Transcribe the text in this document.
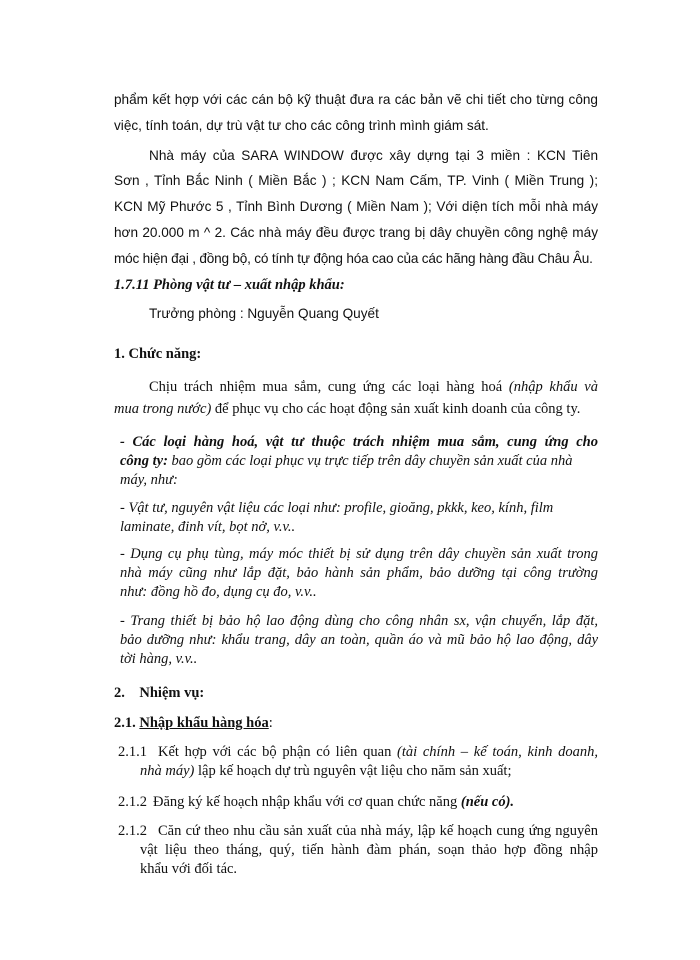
phẩm kết hợp với các cán bộ kỹ thuật đưa ra các bản vẽ chi tiết cho từng công
việc, tính toán, dự trù vật tư cho các công trình mình giám sát.
Nhà máy của SARA WINDOW được xây dựng tại 3 miền : KCN Tiên
Sơn , Tỉnh Bắc Ninh ( Miền Bắc ) ; KCN Nam Cấm, TP. Vinh ( Miền Trung );
KCN Mỹ Phước 5 , Tỉnh Bình Dương ( Miền Nam ); Với diện tích mỗi nhà máy
hơn 20.000 m ^ 2. Các nhà máy đều được trang bị dây chuyền công nghệ máy
móc hiện đại , đồng bộ, có tính tự động hóa cao của các hãng hàng đầu Châu Âu.
1.7.11 Phòng vật tư – xuất nhập khẩu:
Trưởng phòng : Nguyễn Quang Quyết
1. Chức năng:
Chịu trách nhiệm mua sắm, cung ứng các loại hàng hoá (nhập khẩu và
mua trong nước) để phục vụ cho các hoạt động sản xuất kinh doanh của công ty.
- Các loại hàng hoá, vật tư thuộc trách nhiệm mua sắm, cung ứng cho
công ty: bao gồm các loại phục vụ trực tiếp trên dây chuyền sản xuất của nhà
máy, như:
- Vật tư, nguyên vật liệu các loại như: profile, gioăng, pkkk, keo, kính, film
laminate, đinh vít, bọt nở, v.v..
- Dụng cụ phụ tùng, máy móc thiết bị sử dụng trên dây chuyền sản xuất trong
nhà máy cũng như lắp đặt, bảo hành sản phẩm, bảo dưỡng tại công trường
như: đồng hồ đo, dụng cụ đo, v.v..
- Trang thiết bị bảo hộ lao động dùng cho công nhân sx, vận chuyển, lắp đặt,
bảo dưỡng như: khẩu trang, dây an toàn, quần áo và mũ bảo hộ lao động, dây
tời hàng, v.v..
2.    Nhiệm vụ:
2.1. Nhập khẩu hàng hóa:
2.1.1 Kết hợp với các bộ phận có liên quan (tài chính – kế toán, kinh doanh,
nhà máy) lập kế hoạch dự trù nguyên vật liệu cho năm sản xuất;
2.1.2 Đăng ký kế hoạch nhập khẩu với cơ quan chức năng (nếu có).
2.1.2 Căn cứ theo nhu cầu sản xuất của nhà máy, lập kế hoạch cung ứng nguyên
vật liệu theo tháng, quý, tiến hành đàm phán, soạn thảo hợp đồng nhập
khẩu với đối tác.
